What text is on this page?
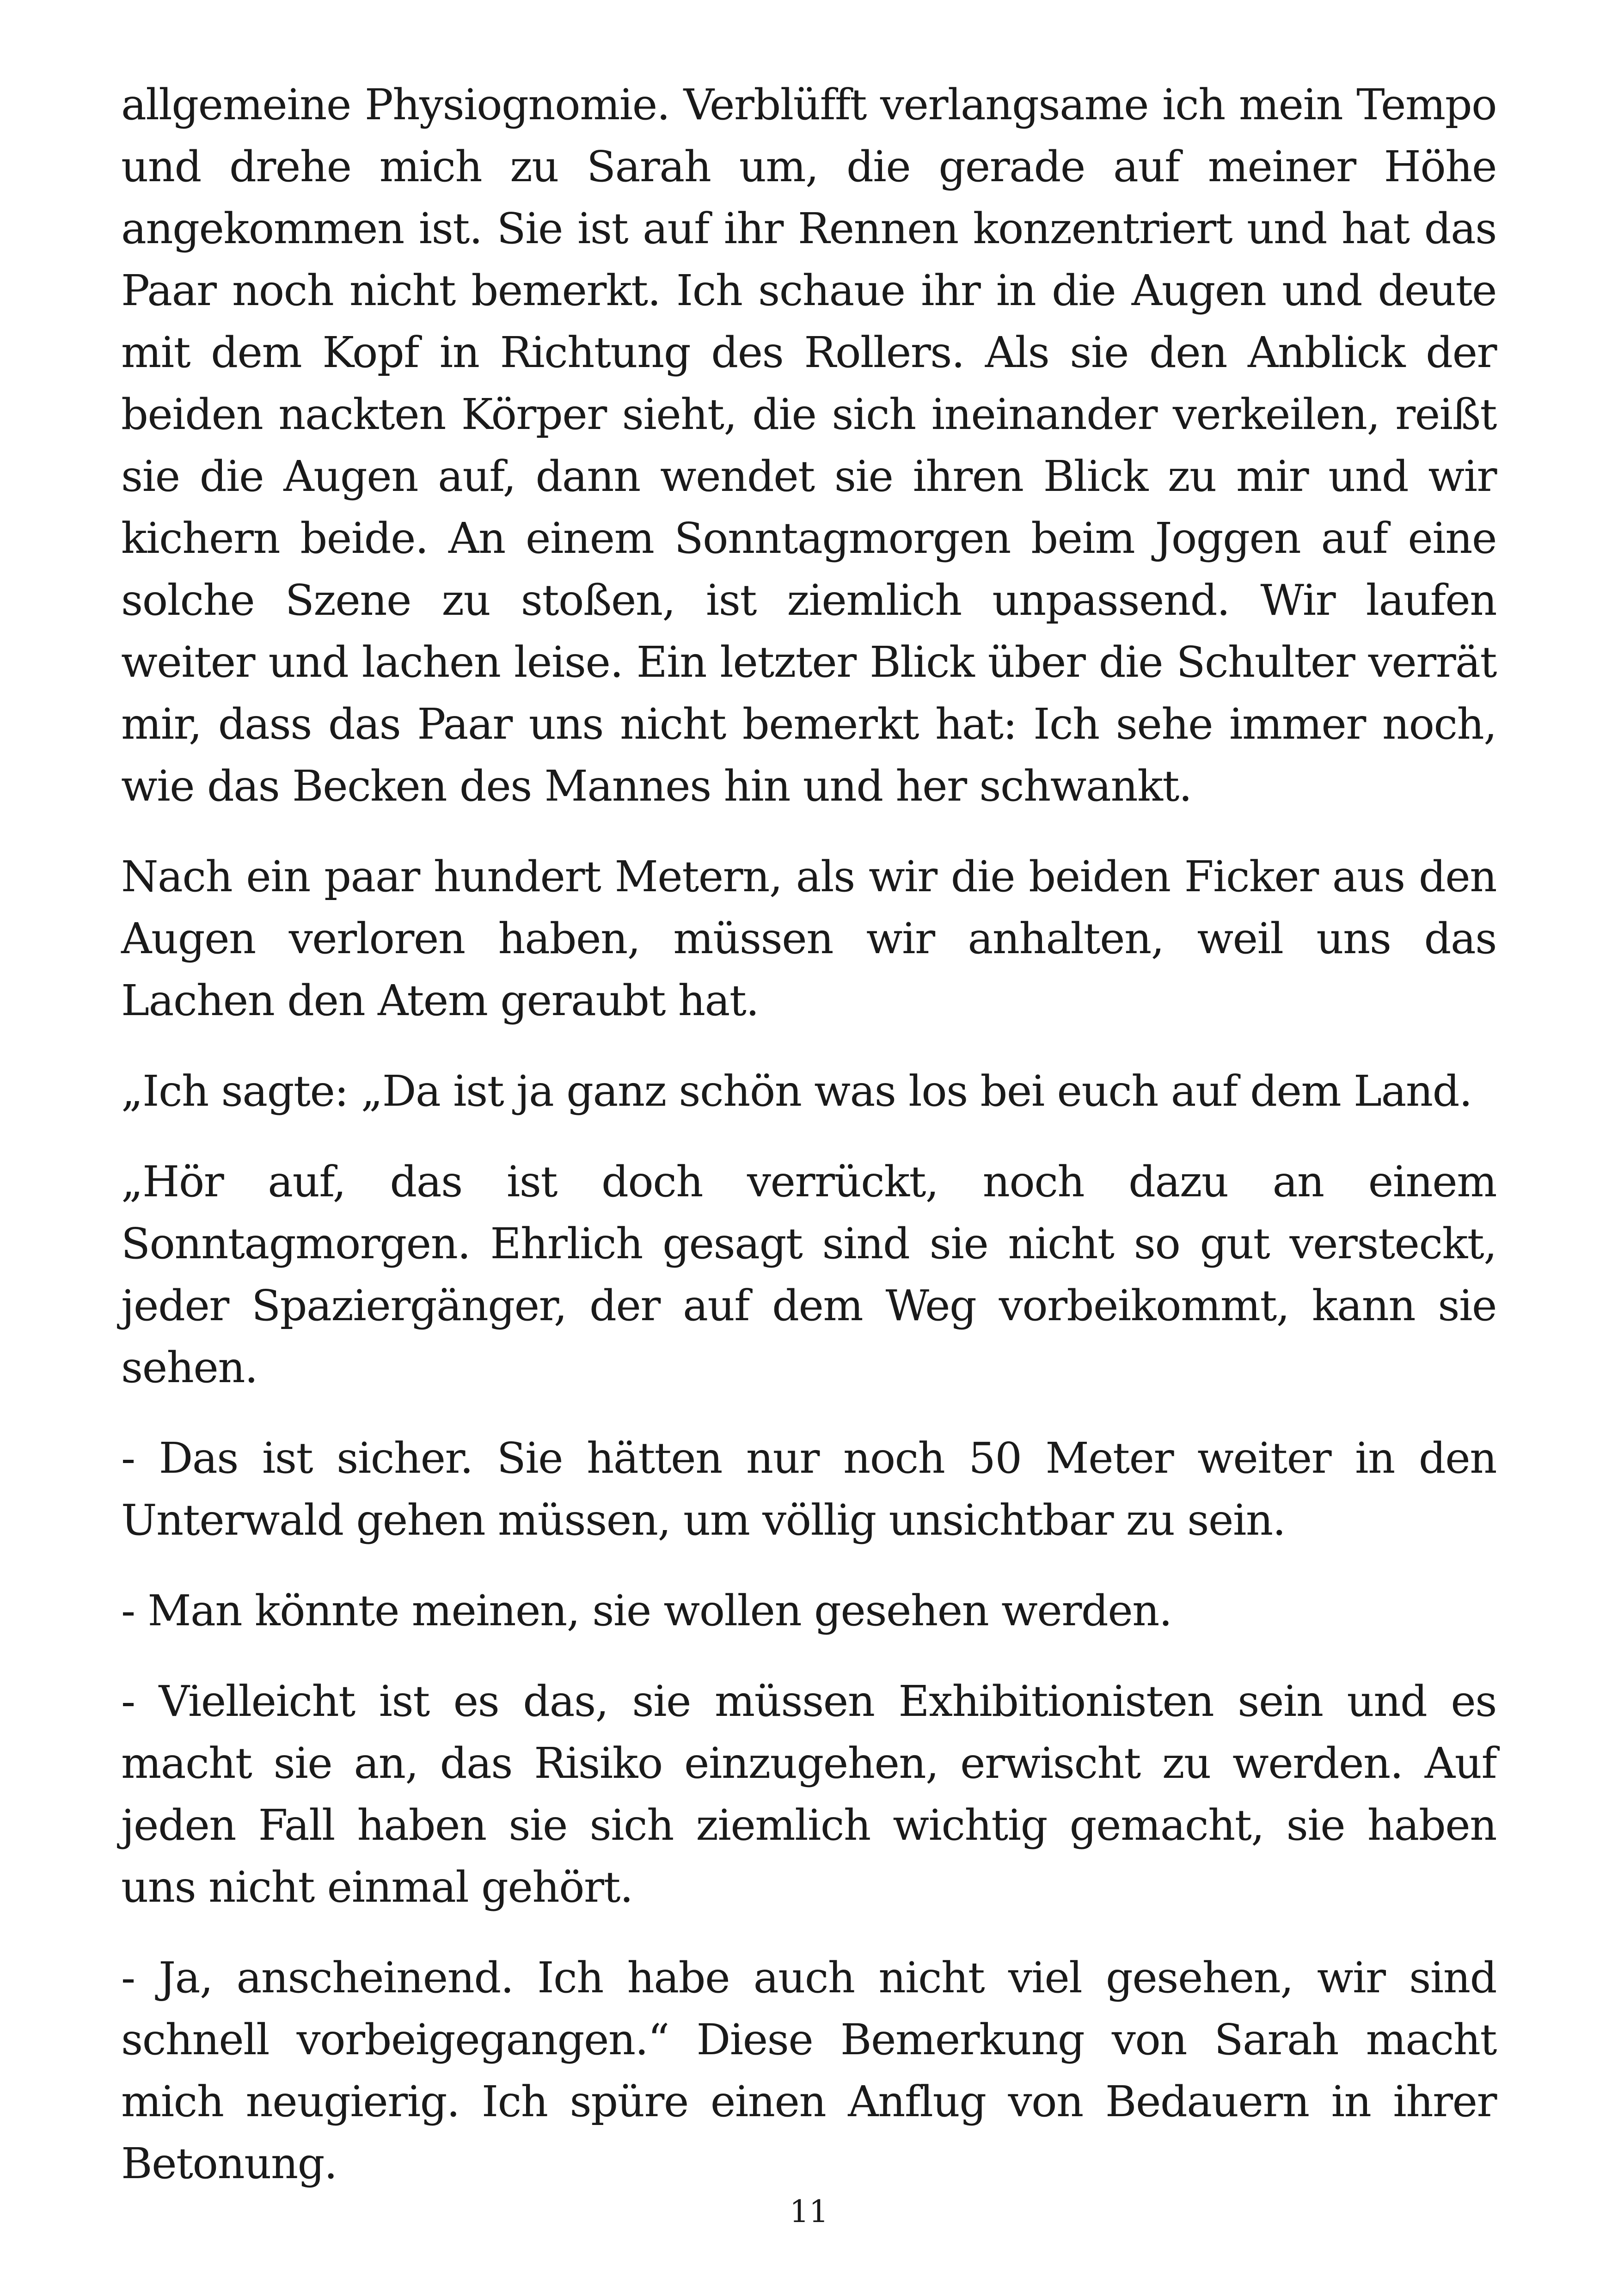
allgemeine Physiognomie. Verblüfft verlangsame ich mein Tempo und drehe mich zu Sarah um, die gerade auf meiner Höhe angekommen ist. Sie ist auf ihr Rennen konzentriert und hat das Paar noch nicht bemerkt. Ich schaue ihr in die Augen und deute mit dem Kopf in Richtung des Rollers. Als sie den Anblick der beiden nackten Körper sieht, die sich ineinander verkeilen, reißt sie die Augen auf, dann wendet sie ihren Blick zu mir und wir kichern beide. An einem Sonntagmorgen beim Joggen auf eine solche Szene zu stoßen, ist ziemlich unpassend. Wir laufen weiter und lachen leise. Ein letzter Blick über die Schulter verrät mir, dass das Paar uns nicht bemerkt hat: Ich sehe immer noch, wie das Becken des Mannes hin und her schwankt.

Nach ein paar hundert Metern, als wir die beiden Ficker aus den Augen verloren haben, müssen wir anhalten, weil uns das Lachen den Atem geraubt hat.

„Ich sagte: „Da ist ja ganz schön was los bei euch auf dem Land.

„Hör auf, das ist doch verrückt, noch dazu an einem Sonntagmorgen. Ehrlich gesagt sind sie nicht so gut versteckt, jeder Spaziergänger, der auf dem Weg vorbeikommt, kann sie sehen.

- Das ist sicher. Sie hätten nur noch 50 Meter weiter in den Unterwald gehen müssen, um völlig unsichtbar zu sein.

- Man könnte meinen, sie wollen gesehen werden.

- Vielleicht ist es das, sie müssen Exhibitionisten sein und es macht sie an, das Risiko einzugehen, erwischt zu werden. Auf jeden Fall haben sie sich ziemlich wichtig gemacht, sie haben uns nicht einmal gehört.

- Ja, anscheinend. Ich habe auch nicht viel gesehen, wir sind schnell vorbeigegangen.“ Diese Bemerkung von Sarah macht mich neugierig. Ich spüre einen Anflug von Bedauern in ihrer Betonung.

11
